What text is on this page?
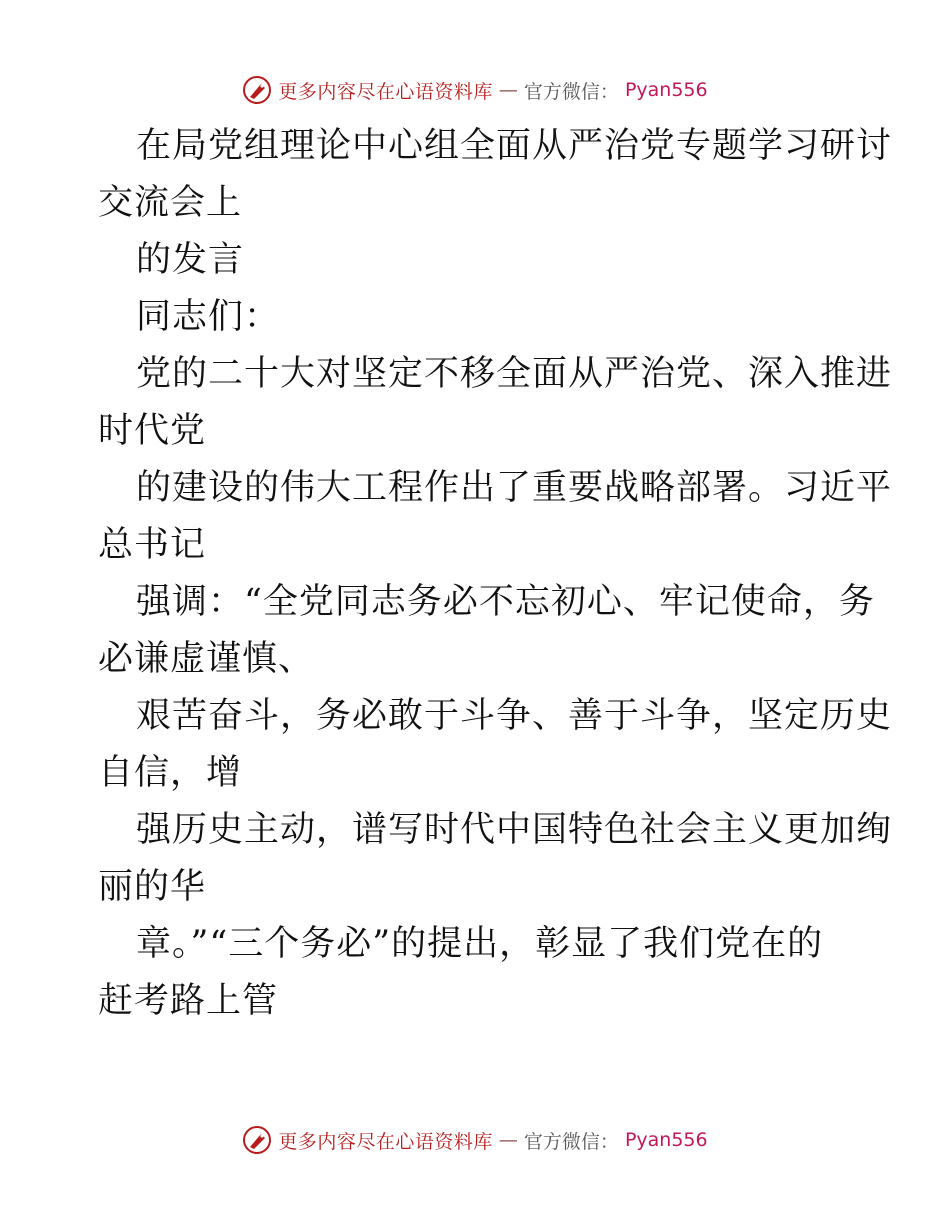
更多内容尽在心语资料库 — 官方微信： Pyan556
在局党组理论中心组全面从严治党专题学习研讨
交流会上
的发言
同志们：
党的二十大对坚定不移全面从严治党、深入推进
时代党
的建设的伟大工程作出了重要战略部署。习近平
总书记
强调：“全党同志务必不忘初心、牢记使命，务
必谦虚谨慎、
艰苦奋斗，务必敢于斗争、善于斗争，坚定历史
自信，增
强历史主动，谱写时代中国特色社会主义更加绚
丽的华
章。”“三个务必”的提出，彰显了我们党在的
赶考路上管
更多内容尽在心语资料库 — 官方微信： Pyan556
